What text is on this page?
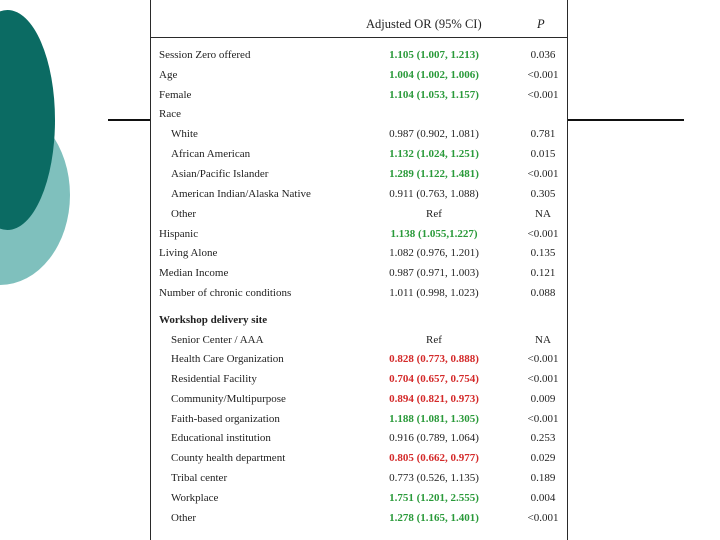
Adjusted OR (95% CI)	P
Session Zero offered	1.105 (1.007, 1.213)	0.036
Age	1.004 (1.002, 1.006)	<0.001
Female	1.104 (1.053, 1.157)	<0.001
Race
White	0.987 (0.902, 1.081)	0.781
African American	1.132 (1.024, 1.251)	0.015
Asian/Pacific Islander	1.289 (1.122, 1.481)	<0.001
American Indian/Alaska Native	0.911 (0.763, 1.088)	0.305
Other	Ref	NA
Hispanic	1.138 (1.055,1.227)	<0.001
Living Alone	1.082 (0.976, 1.201)	0.135
Median Income	0.987 (0.971, 1.003)	0.121
Number of chronic conditions	1.011 (0.998, 1.023)	0.088
Workshop delivery site
Senior Center / AAA	Ref	NA
Health Care Organization	0.828 (0.773, 0.888)	<0.001
Residential Facility	0.704 (0.657, 0.754)	<0.001
Community/Multipurpose	0.894 (0.821, 0.973)	0.009
Faith-based organization	1.188 (1.081, 1.305)	<0.001
Educational institution	0.916 (0.789, 1.064)	0.253
County health department	0.805 (0.662, 0.977)	0.029
Tribal center	0.773 (0.526, 1.135)	0.189
Workplace	1.751 (1.201, 2.555)	0.004
Other	1.278 (1.165, 1.401)	<0.001
